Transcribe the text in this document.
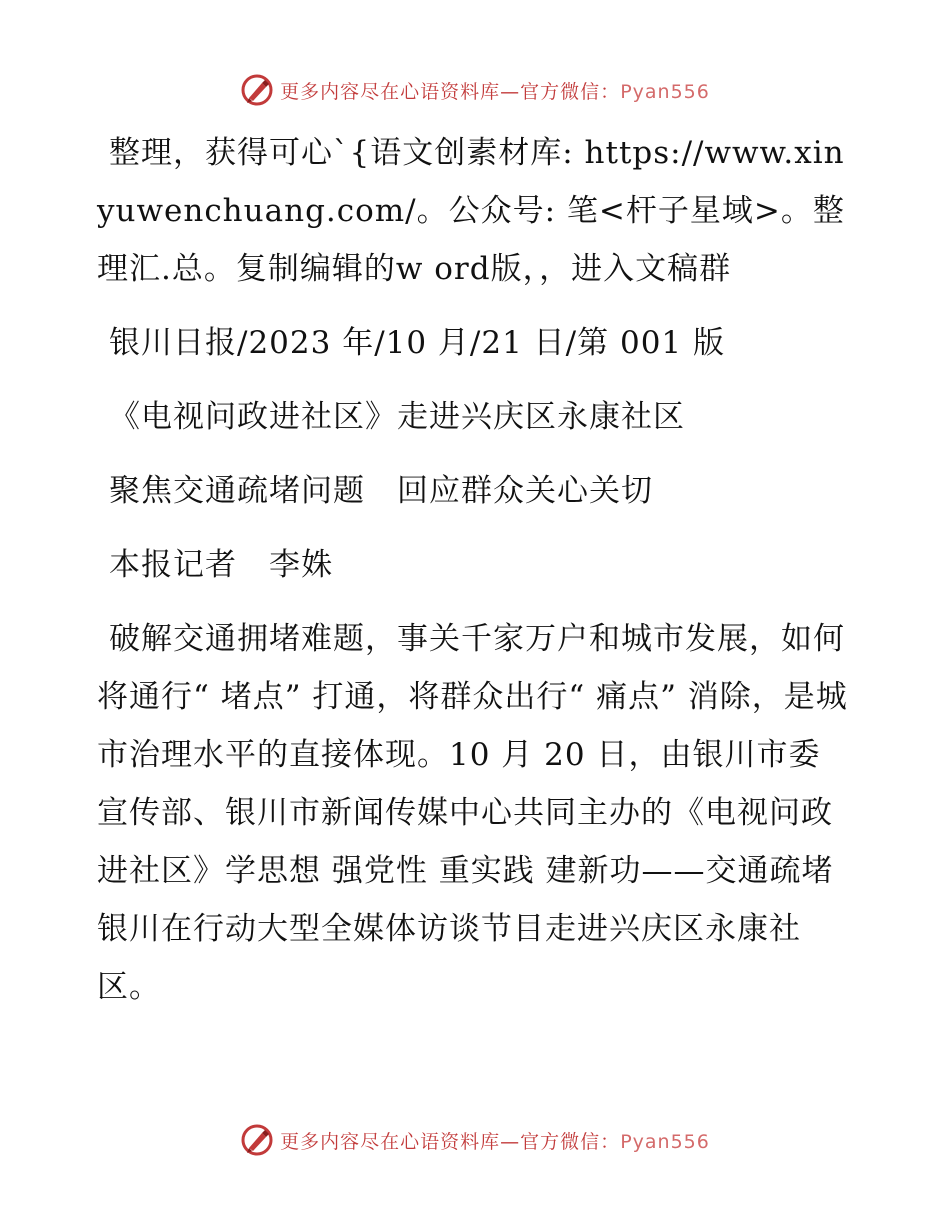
更多内容尽在心语资料库—官方微信：Pyan556

整理，获得可心`{语文创素材库: https://www.xinyuwenchuang.com/。公众号: 笔<杆子星域>。整理汇.总。复制编辑的w ord版，，进入文稿群

银川日报/2023 年/10 月/21 日/第 001 版

《电视问政进社区》走进兴庆区永康社区

聚焦交通疏堵问题　回应群众关心关切

本报记者　李姝

破解交通拥堵难题，事关千家万户和城市发展，如何将通行“ 堵点” 打通，将群众出行“ 痛点” 消除，是城市治理水平的直接体现。10 月 20 日，由银川市委宣传部、银川市新闻传媒中心共同主办的《电视问政进社区》学思想 强党性 重实践 建新功——交通疏堵 银川在行动大型全媒体访谈节目走进兴庆区永康社区。

更多内容尽在心语资料库—官方微信：Pyan556
